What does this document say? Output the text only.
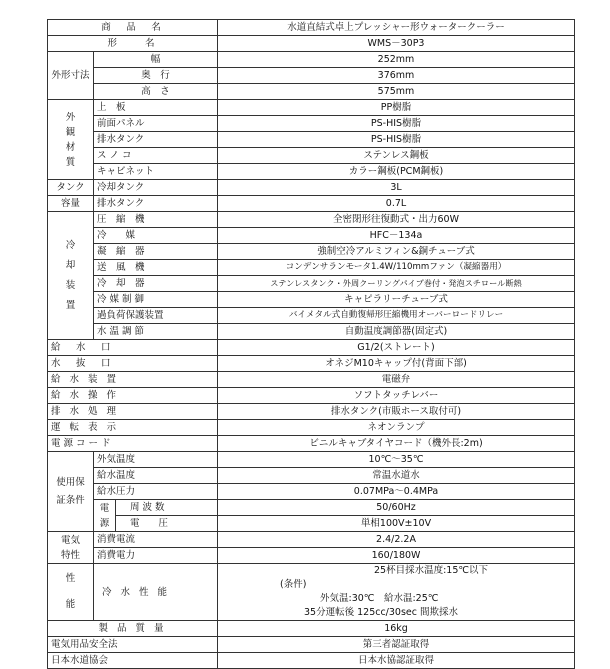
商　品　名			水道直結式卓上プレッシャー形ウォータークーラー
形　　名			WMS－30P3
外形寸法	幅		252mm
	奥　行		376mm
	高　さ		575mm
外観材質	上　板		PP樹脂
	前面パネル		PS-HIS樹脂
	排水タンク		PS-HIS樹脂
	ス ノ コ		ステンレス鋼板
	キャビネット		カラー鋼板(PCM鋼板)
タンク	冷却タンク		3L
容量	排水タンク		0.7L
冷却装置	圧　縮　機		全密閉形往復動式・出力60W
	冷　　媒		HFC－134a
	凝　縮　器		強制空冷アルミフィン&銅チューブ式
	送　風　機		コンデンサランモータ1.4W/110mmファン（凝縮器用）
	冷　却　器		ステンレスタンク・外周クーリングパイプ巻付・発泡スチロール断熱
	冷 媒 制 御		キャピラリーチューブ式
	過負荷保護装置		バイメタル式自動復帰形圧縮機用オーバーロードリレー
	水 温 調 節		自動温度調節器(固定式)
給　水　口			G1/2(ストレート)
水　抜　口			オネジM10キャップ付(背面下部)
給 水 装 置			電磁弁
給 水 操 作			ソフトタッチレバー
排 水 処 理			排水タンク(市販ホース取付可)
運 転 表 示			ネオンランプ
電 源 コ ー ド			ビニルキャブタイヤコード（機外長:2m)
使用保証条件	外気温度		10℃～35℃
	給水温度		常温水道水
	給水圧力		0.07MPa～0.4MPa
	電　源	周 波 数	50/60Hz
		電　　圧	単相100V±10V
電気特性	消費電流		2.4/2.2A
	消費電力		160/180W
性　能	冷 水 性 能		25杯目採水温度:15℃以下
(条件)
外気温:30℃　給水温:25℃
35分運転後 125cc/30sec 間欺採水

製 品 質 量			16kg
電気用品安全法			第三者認証取得
日本水道協会			日本水協認証取得
